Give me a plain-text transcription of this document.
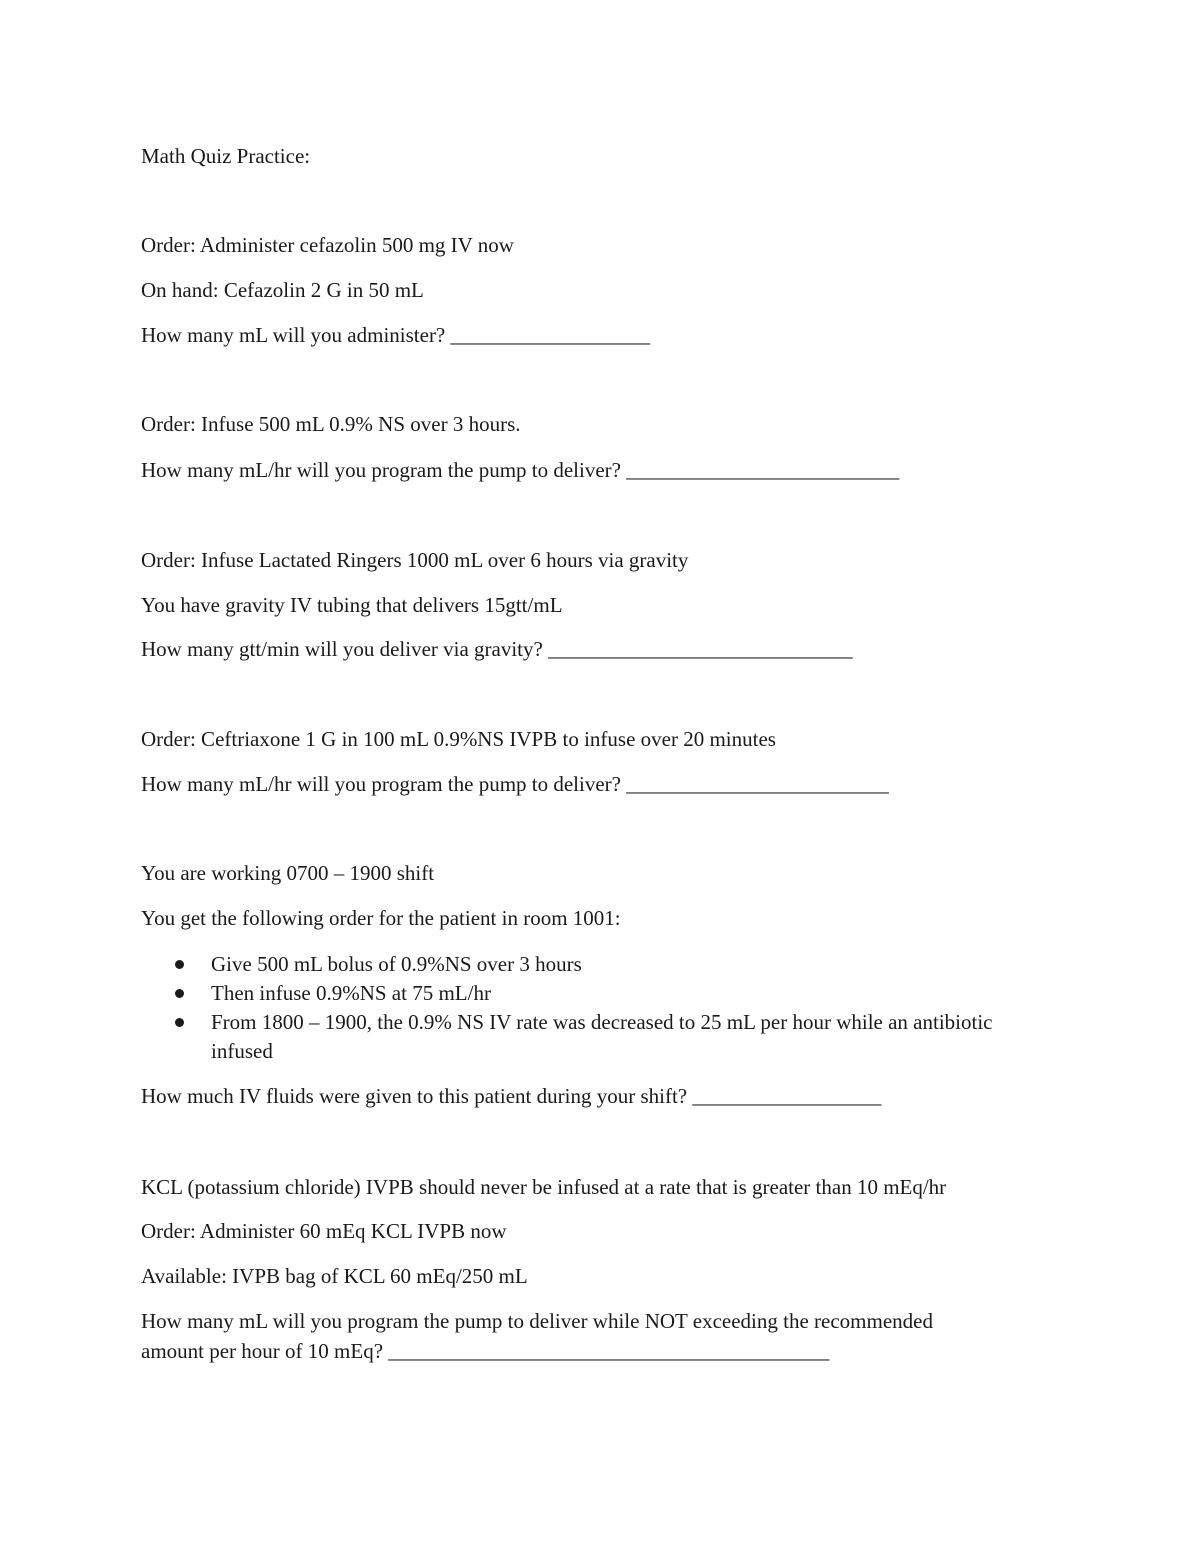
Math Quiz Practice:
Order: Administer cefazolin 500 mg IV now
On hand: Cefazolin 2 G in 50 mL
How many mL will you administer? ___________________
Order: Infuse 500 mL 0.9% NS over 3 hours.
How many mL/hr will you program the pump to deliver? __________________________
Order: Infuse Lactated Ringers 1000 mL over 6 hours via gravity
You have gravity IV tubing that delivers 15gtt/mL
How many gtt/min will you deliver via gravity? _____________________________
Order: Ceftriaxone 1 G in 100 mL 0.9%NS IVPB to infuse over 20 minutes
How many mL/hr will you program the pump to deliver? _________________________
You are working 0700 – 1900 shift
You get the following order for the patient in room 1001:
Give 500 mL bolus of 0.9%NS over 3 hours
Then infuse 0.9%NS at 75 mL/hr
From 1800 – 1900, the 0.9% NS IV rate was decreased to 25 mL per hour while an antibiotic infused
How much IV fluids were given to this patient during your shift? __________________
KCL (potassium chloride) IVPB should never be infused at a rate that is greater than 10 mEq/hr
Order: Administer 60 mEq KCL IVPB now
Available: IVPB bag of KCL 60 mEq/250 mL
How many mL will you program the pump to deliver while NOT exceeding the recommended
amount per hour of 10 mEq? __________________________________________
